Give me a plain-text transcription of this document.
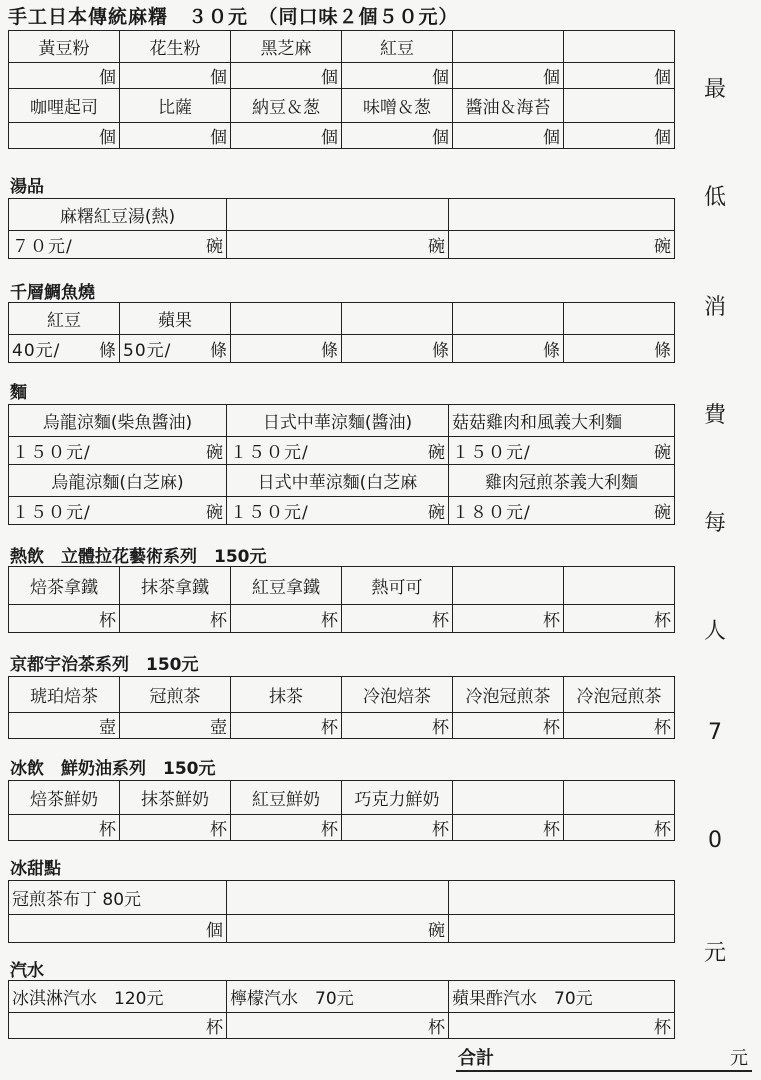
手工日本傳統麻糬　３０元　（同口味２個５０元）
黃豆粉	花生粉	黑芝麻	紅豆		

個	個	個	個	個	個

咖哩起司	比薩	納豆＆葱	味噌＆葱	醬油＆海苔	

個	個	個	個	個	個
湯品
麻糬紅豆湯(熱)		

７０元/ 碗	碗	碗
千層鯛魚燒
紅豆	蘋果				

40元/ 條	50元/ 條	條	條	條	條
麵
烏龍涼麵(柴魚醬油)	日式中華涼麵(醬油)	菇菇雞肉和風義大利麵

１５０元/ 碗	１５０元/ 碗	１５０元/ 碗

烏龍涼麵(白芝麻)	日式中華涼麵(白芝麻	雞肉冠煎茶義大利麵

１５０元/ 碗	１５０元/ 碗	１８０元/ 碗
熱飲　立體拉花藝術系列　150元
焙茶拿鐵	抹茶拿鐵	紅豆拿鐵	熱可可		

杯	杯	杯	杯	杯	杯
京都宇治茶系列　150元
琥珀焙茶	冠煎茶	抹茶	冷泡焙茶	冷泡冠煎茶	冷泡冠煎茶

壺	壺	杯	杯	杯	杯
冰飲　鮮奶油系列　150元
焙茶鮮奶	抹茶鮮奶	紅豆鮮奶	巧克力鮮奶		

杯	杯	杯	杯	杯	杯
冰甜點
冠煎茶布丁 80元		

個	碗	

汽水
冰淇淋汽水　120元	檸檬汽水　70元	蘋果酢汽水　70元

杯	杯	杯
最
低
消
費
每
人
7
0
元
合計	元
